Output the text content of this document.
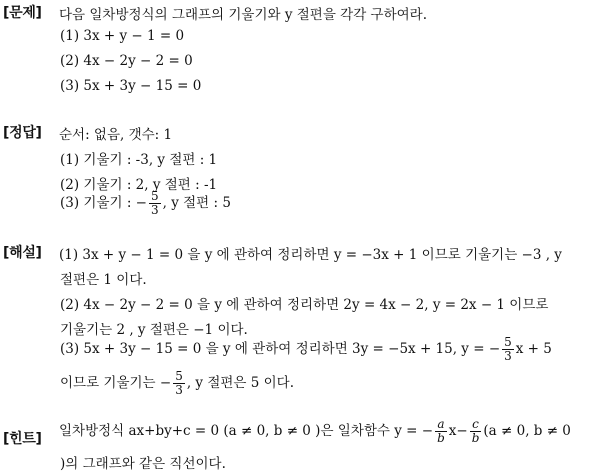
[문제] 다음 일차방정식의 그래프의 기울기와 y 절편을 각각 구하여라.
(1) 3x + y − 1 = 0
(2) 4x − 2y − 2 = 0
(3) 5x + 3y − 15 = 0
[정답] 순서: 없음, 갯수: 1
(1) 기울기 : -3, y 절편 : 1
(2) 기울기 : 2, y 절편 : -1
(3) 기울기 : − $\frac{5}{3}$ , y 절편 : 5
[해설] (1) 3x + y − 1 = 0 을 y 에 관하여 정리하면 y = −3x + 1 이므로 기울기는 −3 , y
절편은 1 이다.
(2) 4x − 2y − 2 = 0 을 y 에 관하여 정리하면 2y = 4x − 2, y = 2x − 1 이므로
기울기는 2 , y 절편은 −1 이다.
(3) 5x + 3y − 15 = 0 을 y 에 관하여 정리하면 3y = −5x + 15, y = − $\frac{5}{3}$ x + 5
이므로 기울기는 − $\frac{5}{3}$ , y 절편은 5 이다.
[힌트] 일차방정식 ax+by+c = 0 (a ≠ 0, b ≠ 0 )은 일차함수 y = − $\frac{a}{b} x- \frac{c}{b} (a \ne 0$, b ≠ 0
)의 그래프와 같은 직선이다.
